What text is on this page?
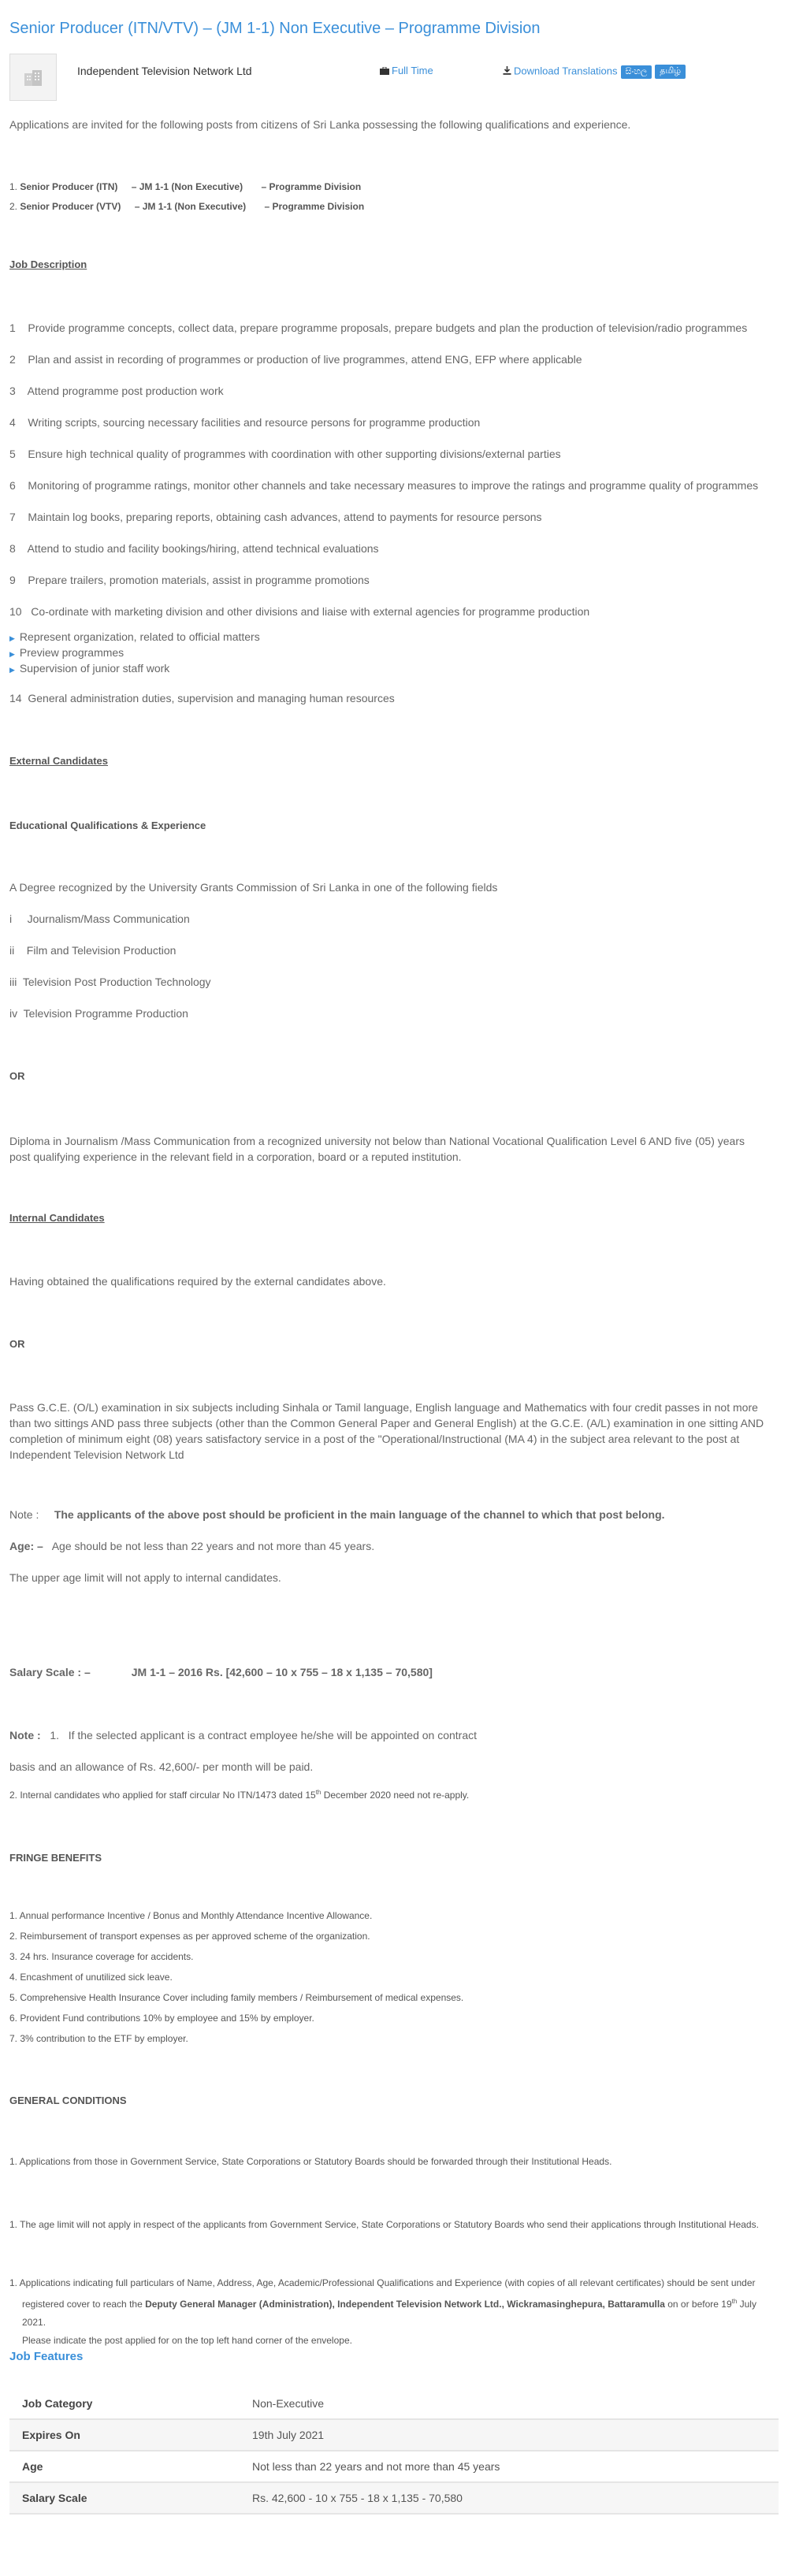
Senior Producer (ITN/VTV) – (JM 1-1) Non Executive – Programme Division
Independent Television Network Ltd	Full Time	Download Translations සිංහල தமிழ்
Applications are invited for the following posts from citizens of Sri Lanka possessing the following qualifications and experience.
1. Senior Producer (ITN) – JM 1-1 (Non Executive) – Programme Division
2. Senior Producer (VTV) – JM 1-1 (Non Executive) – Programme Division
Job Description
1 Provide programme concepts, collect data, prepare programme proposals, prepare budgets and plan the production of television/radio programmes
2 Plan and assist in recording of programmes or production of live programmes, attend ENG, EFP where applicable
3 Attend programme post production work
4 Writing scripts, sourcing necessary facilities and resource persons for programme production
5 Ensure high technical quality of programmes with coordination with other supporting divisions/external parties
6 Monitoring of programme ratings, monitor other channels and take necessary measures to improve the ratings and programme quality of programmes
7 Maintain log books, preparing reports, obtaining cash advances, attend to payments for resource persons
8 Attend to studio and facility bookings/hiring, attend technical evaluations
9 Prepare trailers, promotion materials, assist in programme promotions
10 Co-ordinate with marketing division and other divisions and liaise with external agencies for programme production
▶ Represent organization, related to official matters
▶ Preview programmes
▶ Supervision of junior staff work
14 General administration duties, supervision and managing human resources
External Candidates
Educational Qualifications & Experience
A Degree recognized by the University Grants Commission of Sri Lanka in one of the following fields
i Journalism/Mass Communication
ii Film and Television Production
iii Television Post Production Technology
iv Television Programme Production
OR
Diploma in Journalism /Mass Communication from a recognized university not below than National Vocational Qualification Level 6 AND five (05) years post qualifying experience in the relevant field in a corporation, board or a reputed institution.
Internal Candidates
Having obtained the qualifications required by the external candidates above.
OR
Pass G.C.E. (O/L) examination in six subjects including Sinhala or Tamil language, English language and Mathematics with four credit passes in not more than two sittings AND pass three subjects (other than the Common General Paper and General English) at the G.C.E. (A/L) examination in one sitting AND completion of minimum eight (08) years satisfactory service in a post of the "Operational/Instructional (MA 4) in the subject area relevant to the post at Independent Television Network Ltd
Note : The applicants of the above post should be proficient in the main language of the channel to which that post belong.
Age: – Age should be not less than 22 years and not more than 45 years.
The upper age limit will not apply to internal candidates.
Salary Scale : –	JM 1-1 – 2016 Rs. [42,600 – 10 x 755 – 18 x 1,135 – 70,580]
Note : 1. If the selected applicant is a contract employee he/she will be appointed on contract
basis and an allowance of Rs. 42,600/- per month will be paid.
2. Internal candidates who applied for staff circular No ITN/1473 dated 15th December 2020 need not re-apply.
FRINGE BENEFITS
1. Annual performance Incentive / Bonus and Monthly Attendance Incentive Allowance.
2. Reimbursement of transport expenses as per approved scheme of the organization.
3. 24 hrs. Insurance coverage for accidents.
4. Encashment of unutilized sick leave.
5. Comprehensive Health Insurance Cover including family members / Reimbursement of medical expenses.
6. Provident Fund contributions 10% by employee and 15% by employer.
7. 3% contribution to the ETF by employer.
GENERAL CONDITIONS
1. Applications from those in Government Service, State Corporations or Statutory Boards should be forwarded through their Institutional Heads.
1. The age limit will not apply in respect of the applicants from Government Service, State Corporations or Statutory Boards who send their applications through Institutional Heads.
1. Applications indicating full particulars of Name, Address, Age, Academic/Professional Qualifications and Experience (with copies of all relevant certificates) should be sent under
registered cover to reach the Deputy General Manager (Administration), Independent Television Network Ltd., Wickramasinghepura, Battaramulla on or before 19th July 2021.
Please indicate the post applied for on the top left hand corner of the envelope.
Job Features
Job Category	Non-Executive
Expires On	19th July 2021
Age	Not less than 22 years and not more than 45 years
Salary Scale	Rs. 42,600 - 10 x 755 - 18 x 1,135 - 70,580
